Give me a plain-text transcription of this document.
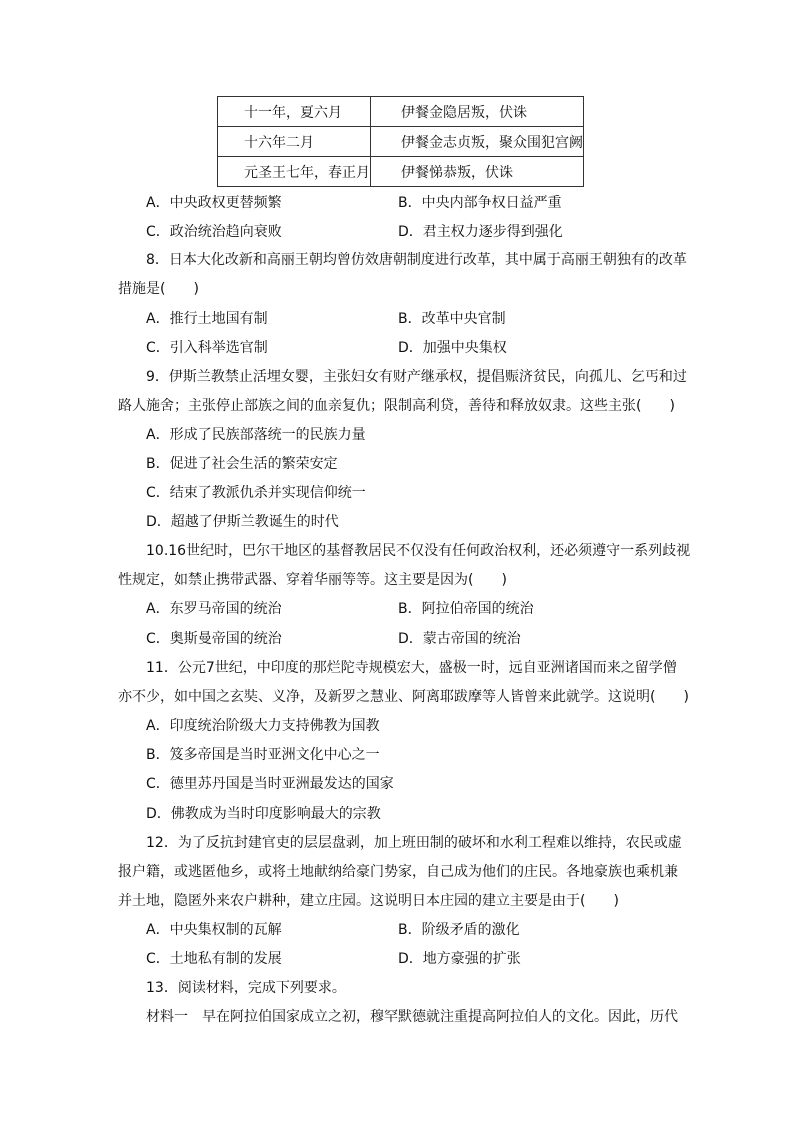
十一年，夏六月	伊餐金隐居叛，伏诛
十六年二月	伊餐金志贞叛，聚众围犯宫阙
元圣王七年，春正月	伊餐悌恭叛，伏诛
A．中央政权更替频繁	B．中央内部争权日益严重
C．政治统治趋向衰败	D．君主权力逐步得到强化
8．日本大化改新和高丽王朝均曾仿效唐朝制度进行改革，其中属于高丽王朝独有的改革
措施是(　　)
A．推行土地国有制	B．改革中央官制
C．引入科举选官制	D．加强中央集权
9．伊斯兰教禁止活埋女婴，主张妇女有财产继承权，提倡赈济贫民，向孤儿、乞丐和过
路人施舍；主张停止部族之间的血亲复仇；限制高利贷，善待和释放奴隶。这些主张(　　)
A．形成了民族部落统一的民族力量
B．促进了社会生活的繁荣安定
C．结束了教派仇杀并实现信仰统一
D．超越了伊斯兰教诞生的时代
10.16世纪时，巴尔干地区的基督教居民不仅没有任何政治权利，还必须遵守一系列歧视
性规定，如禁止携带武器、穿着华丽等等。这主要是因为(　　)
A．东罗马帝国的统治	B．阿拉伯帝国的统治
C．奥斯曼帝国的统治	D．蒙古帝国的统治
11．公元7世纪，中印度的那烂陀寺规模宏大，盛极一时，远自亚洲诸国而来之留学僧
亦不少，如中国之玄奘、义净，及新罗之慧业、阿离耶跋摩等人皆曾来此就学。这说明(　　)
A．印度统治阶级大力支持佛教为国教
B．笈多帝国是当时亚洲文化中心之一
C．德里苏丹国是当时亚洲最发达的国家
D．佛教成为当时印度影响最大的宗教
12．为了反抗封建官吏的层层盘剥，加上班田制的破坏和水利工程难以维持，农民或虚
报户籍，或逃匿他乡，或将土地献纳给豪门势家，自己成为他们的庄民。各地豪族也乘机兼
并土地，隐匿外来农户耕种，建立庄园。这说明日本庄园的建立主要是由于(　　)
A．中央集权制的瓦解	B．阶级矛盾的激化
C．土地私有制的发展	D．地方豪强的扩张
13．阅读材料，完成下列要求。
材料一　早在阿拉伯国家成立之初，穆罕默德就注重提高阿拉伯人的文化。因此，历代
